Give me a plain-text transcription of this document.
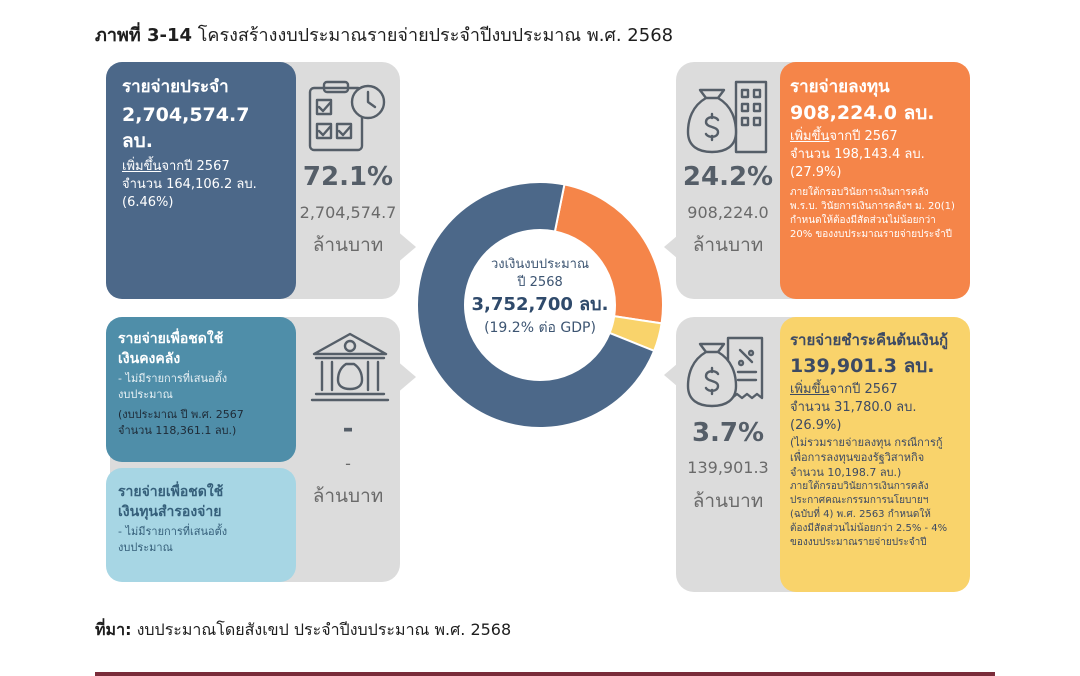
ภาพที่ 3-14 โครงสร้างงบประมาณรายจ่ายประจำปีงบประมาณ พ.ศ. 2568
รายจ่ายประจำ
2,704,574.7 ลบ.
เพิ่มขึ้นจากปี 2567
จำนวน 164,106.2 ลบ.
(6.46%)
72.1%
2,704,574.7
ล้านบาท
รายจ่ายลงทุน
908,224.0 ลบ.
เพิ่มขึ้นจากปี 2567
จำนวน 198,143.4 ลบ.
(27.9%)
ภายใต้กรอบวินัยการเงินการคลัง
พ.ร.บ. วินัยการเงินการคลังฯ ม. 20(1)
กำหนดให้ต้องมีสัดส่วนไม่น้อยกว่า
20% ของงบประมาณรายจ่ายประจำปี
24.2%
908,224.0
ล้านบาท
รายจ่ายเพื่อชดใช้
เงินคงคลัง
- ไม่มีรายการที่เสนอตั้ง
งบประมาณ
(งบประมาณ ปี พ.ศ. 2567
จำนวน 118,361.1 ลบ.)
รายจ่ายเพื่อชดใช้
เงินทุนสำรองจ่าย
- ไม่มีรายการที่เสนอตั้ง
งบประมาณ
-
-
ล้านบาท
รายจ่ายชำระคืนต้นเงินกู้
139,901.3 ลบ.
เพิ่มขึ้นจากปี 2567
จำนวน 31,780.0 ลบ.
(26.9%)
(ไม่รวมรายจ่ายลงทุน กรณีการกู้
เพื่อการลงทุนของรัฐวิสาหกิจ
จำนวน 10,198.7 ลบ.)
ภายใต้กรอบวินัยการเงินการคลัง
ประกาศคณะกรรมการนโยบายฯ
(ฉบับที่ 4) พ.ศ. 2563 กำหนดให้
ต้องมีสัดส่วนไม่น้อยกว่า 2.5% - 4%
ของงบประมาณรายจ่ายประจำปี
3.7%
139,901.3
ล้านบาท
วงเงินงบประมาณ
ปี 2568
3,752,700 ลบ.
(19.2% ต่อ GDP)
ที่มา: งบประมาณโดยสังเขป ประจำปีงบประมาณ พ.ศ. 2568
